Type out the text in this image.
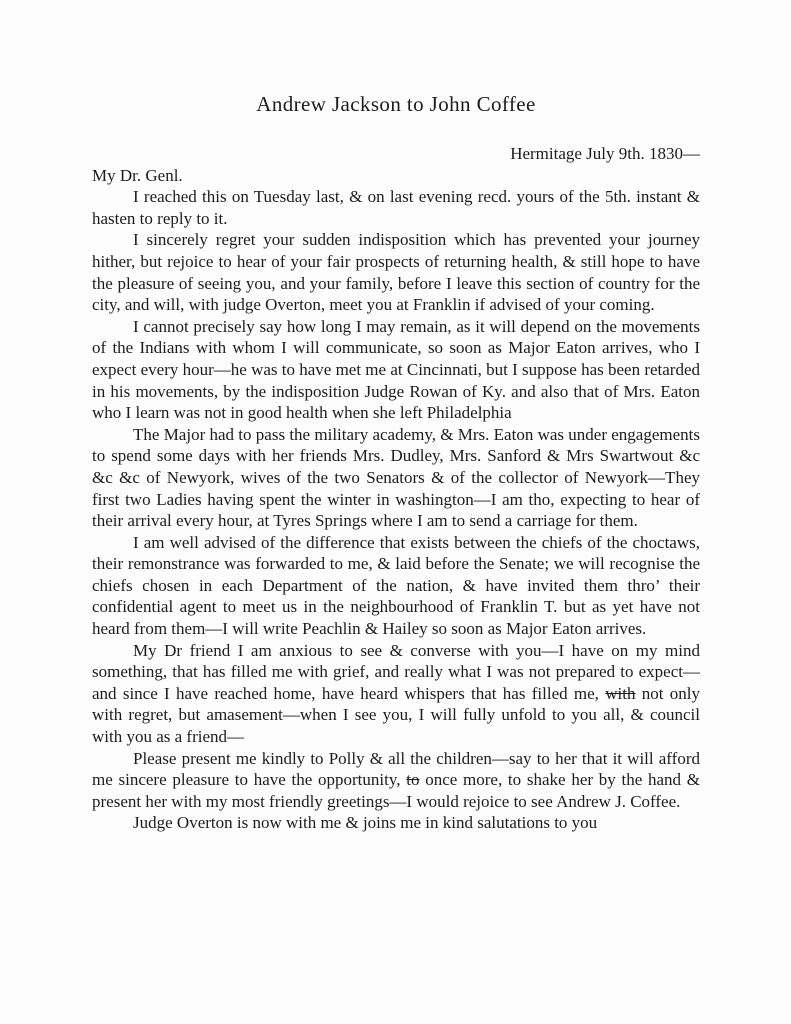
Andrew Jackson to John Coffee
Hermitage July 9th. 1830—
My Dr. Genl.

I reached this on Tuesday last, & on last evening recd. yours of the 5th. instant & hasten to reply to it.

I sincerely regret your sudden indisposition which has prevented your journey hither, but rejoice to hear of your fair prospects of returning health, & still hope to have the pleasure of seeing you, and your family, before I leave this section of country for the city, and will, with judge Overton, meet you at Franklin if advised of your coming.

I cannot precisely say how long I may remain, as it will depend on the movements of the Indians with whom I will communicate, so soon as Major Eaton arrives, who I expect every hour—he was to have met me at Cincinnati, but I suppose has been retarded in his movements, by the indisposition Judge Rowan of Ky. and also that of Mrs. Eaton who I learn was not in good health when she left Philadelphia

The Major had to pass the military academy, & Mrs. Eaton was under engagements to spend some days with her friends Mrs. Dudley, Mrs. Sanford & Mrs Swartwout &c &c &c of Newyork, wives of the two Senators & of the collector of Newyork—They first two Ladies having spent the winter in washington—I am tho, expecting to hear of their arrival every hour, at Tyres Springs where I am to send a carriage for them.

I am well advised of the difference that exists between the chiefs of the choctaws, their remonstrance was forwarded to me, & laid before the Senate; we will recognise the chiefs chosen in each Department of the nation, & have invited them thro’ their confidential agent to meet us in the neighbourhood of Franklin T. but as yet have not heard from them—I will write Peachlin & Hailey so soon as Major Eaton arrives.

My Dr friend I am anxious to see & converse with you—I have on my mind something, that has filled me with grief, and really what I was not prepared to expect—and since I have reached home, have heard whispers that has filled me, with not only with regret, but amasement—when I see you, I will fully unfold to you all, & council with you as a friend—

Please present me kindly to Polly & all the children—say to her that it will afford me sincere pleasure to have the opportunity, to once more, to shake her by the hand & present her with my most friendly greetings—I would rejoice to see Andrew J. Coffee.

Judge Overton is now with me & joins me in kind salutations to you
